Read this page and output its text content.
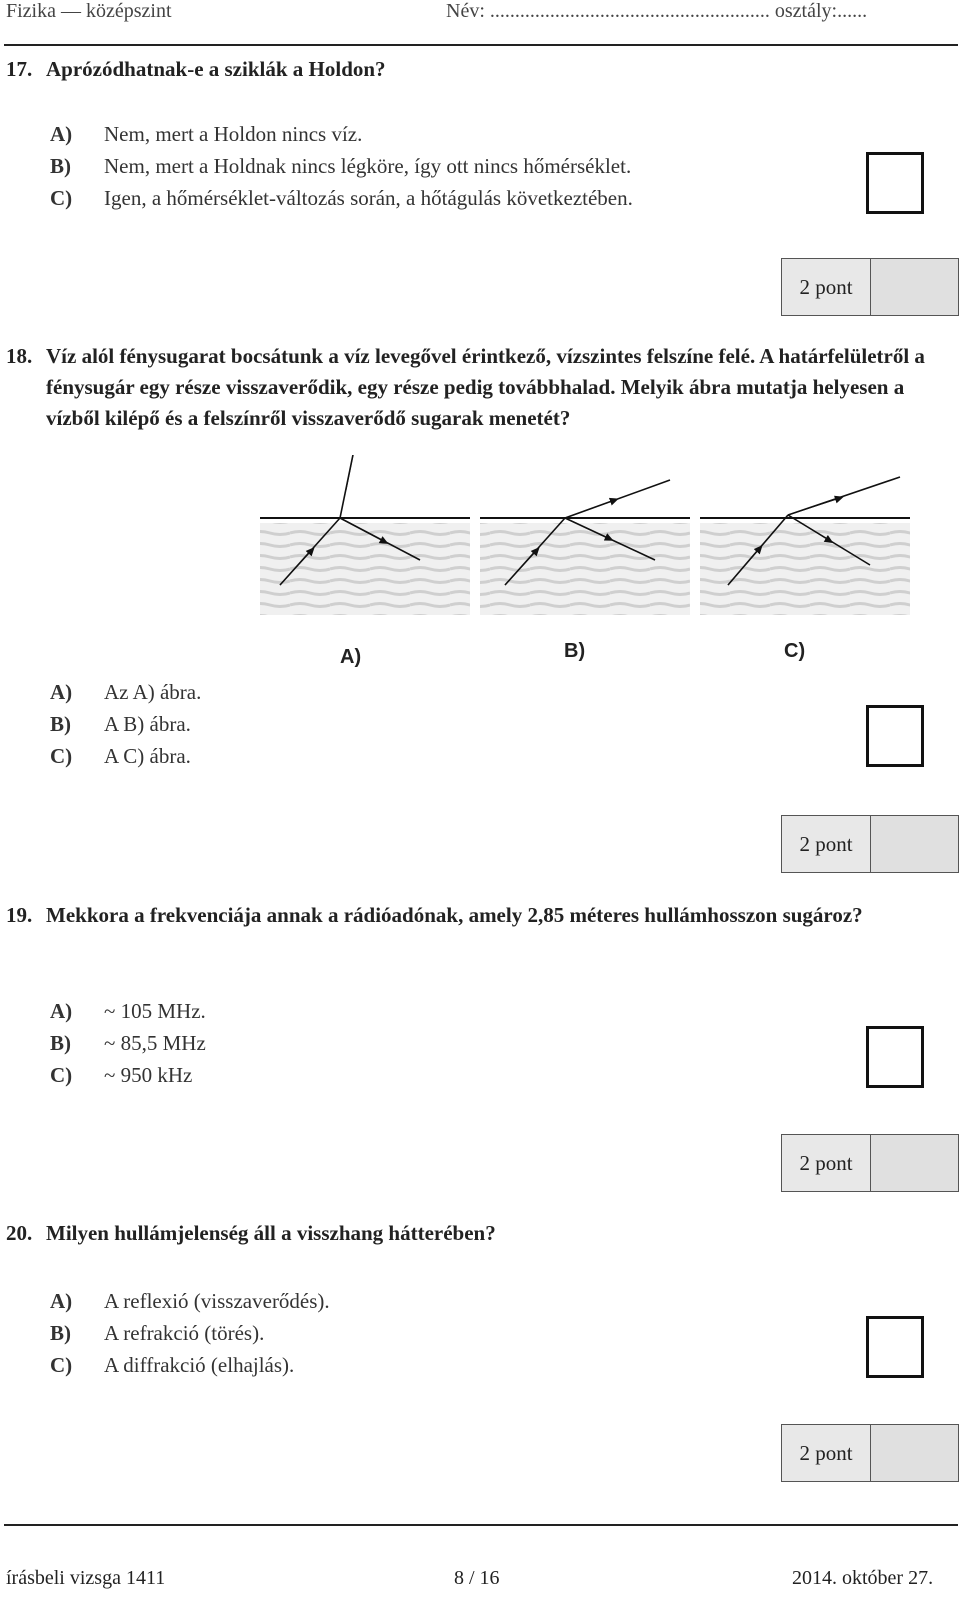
Fizika — középszint	Név: ........................................................ osztály:......
17. Aprózódhatnak-e a sziklák a Holdon?
A) Nem, mert a Holdon nincs víz.
B) Nem, mert a Holdnak nincs légköre, így ott nincs hőmérséklet.
C) Igen, a hőmérséklet-változás során, a hőtágulás következtében.
2 pont
18. Víz alól fénysugarat bocsátunk a víz levegővel érintkező, vízszintes felszíne felé. A határfelületről a fénysugár egy része visszaverődik, egy része pedig továbbhalad. Melyik ábra mutatja helyesen a vízből kilépő és a felszínről visszaverődő sugarak menetét?
A)	B)	C)
A) Az A) ábra.
B) A B) ábra.
C) A C) ábra.
2 pont
19. Mekkora a frekvenciája annak a rádióadónak, amely 2,85 méteres hullámhosszon sugároz?
A) ~ 105 MHz.
B) ~ 85,5 MHz
C) ~ 950 kHz
2 pont
20. Milyen hullámjelenség áll a visszhang hátterében?
A) A reflexió (visszaverődés).
B) A refrakció (törés).
C) A diffrakció (elhajlás).
2 pont
írásbeli vizsga 1411	8 / 16	2014. október 27.
